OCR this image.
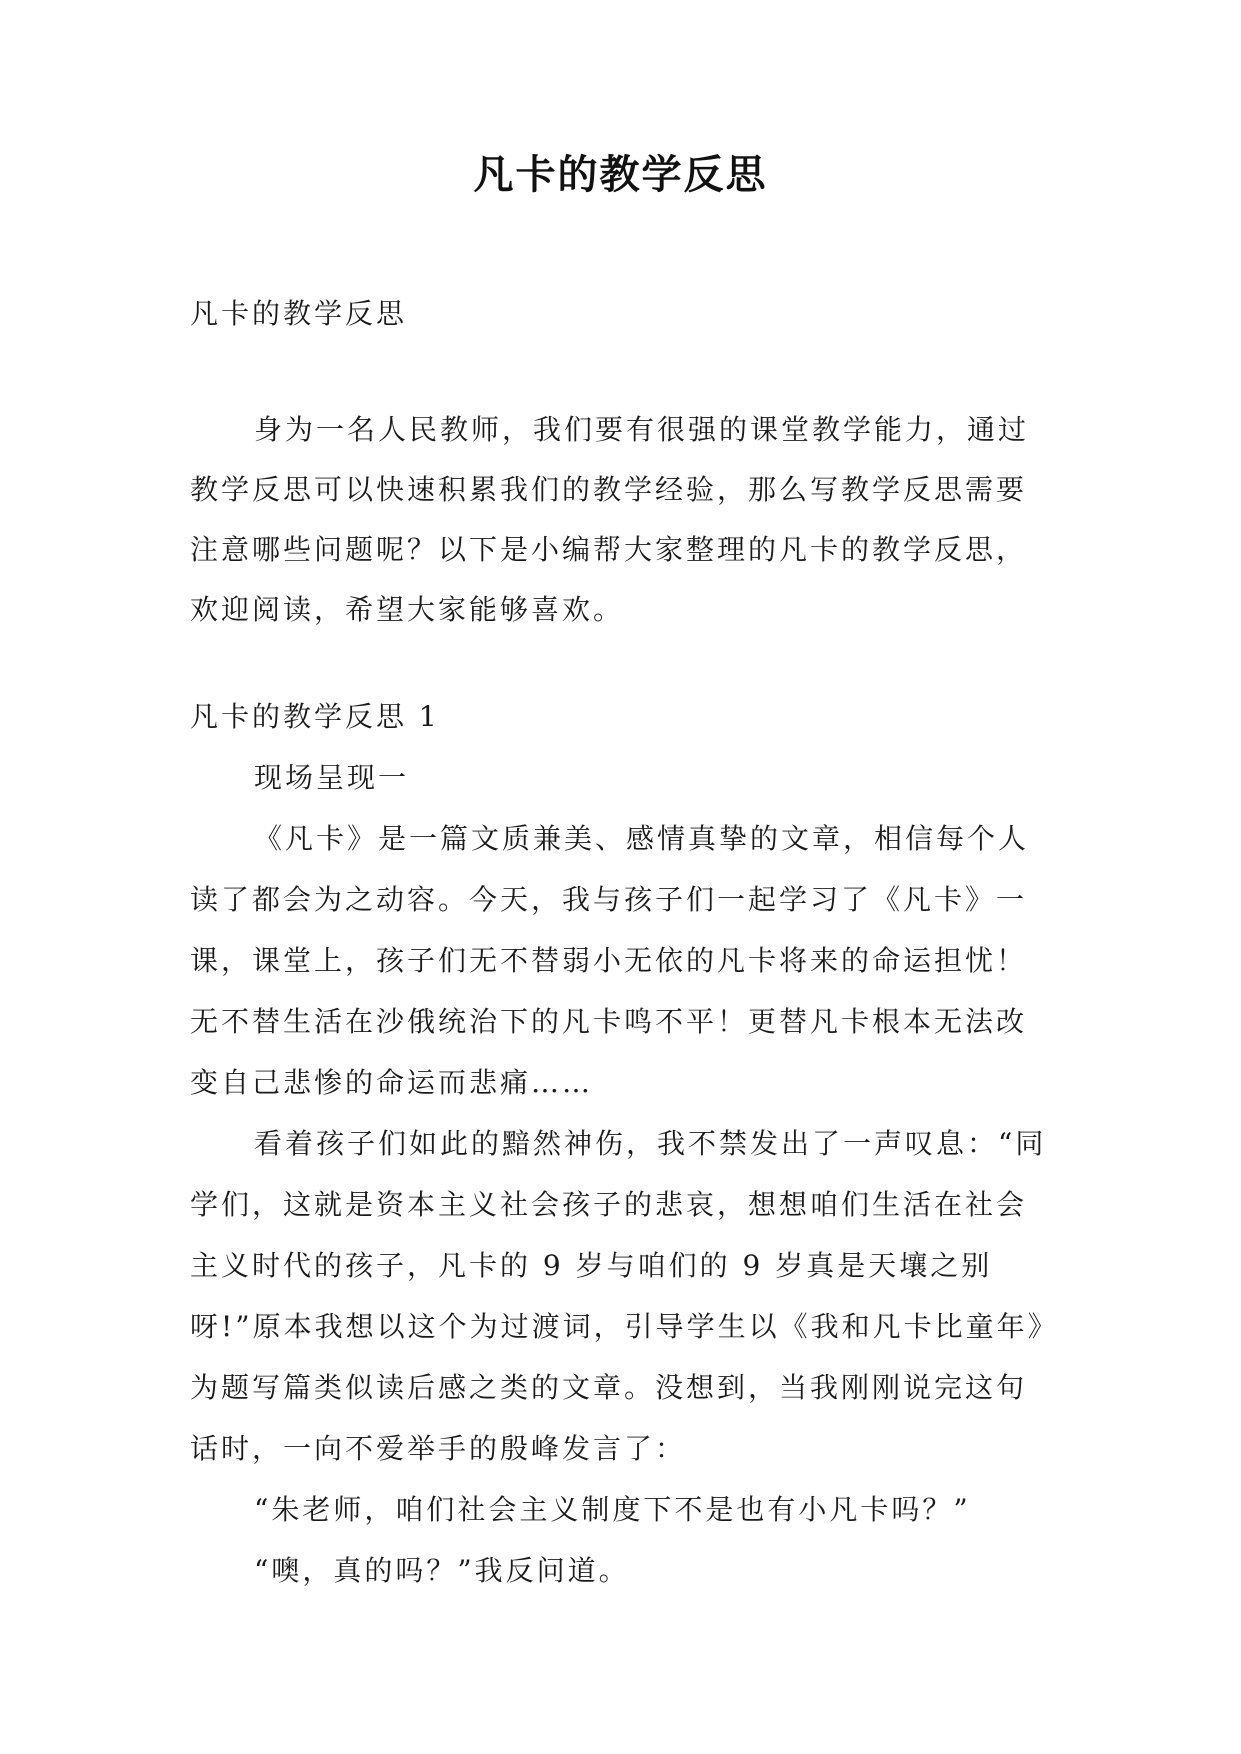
凡卡的教学反思

凡卡的教学反思

身为一名人民教师，我们要有很强的课堂教学能力，通过教学反思可以快速积累我们的教学经验，那么写教学反思需要注意哪些问题呢？以下是小编帮大家整理的凡卡的教学反思，欢迎阅读，希望大家能够喜欢。

凡卡的教学反思 1

现场呈现一

《凡卡》是一篇文质兼美、感情真挚的文章，相信每个人读了都会为之动容。今天，我与孩子们一起学习了《凡卡》一课，课堂上，孩子们无不替弱小无依的凡卡将来的命运担忧！无不替生活在沙俄统治下的凡卡鸣不平！更替凡卡根本无法改变自己悲惨的命运而悲痛……

看着孩子们如此的黯然神伤，我不禁发出了一声叹息：“同学们，这就是资本主义社会孩子的悲哀，想想咱们生活在社会主义时代的孩子，凡卡的 9 岁与咱们的 9 岁真是天壤之别呀!”原本我想以这个为过渡词，引导学生以《我和凡卡比童年》为题写篇类似读后感之类的文章。没想到，当我刚刚说完这句话时，一向不爱举手的殷峰发言了：

“朱老师，咱们社会主义制度下不是也有小凡卡吗？”

“噢，真的吗？”我反问道。
